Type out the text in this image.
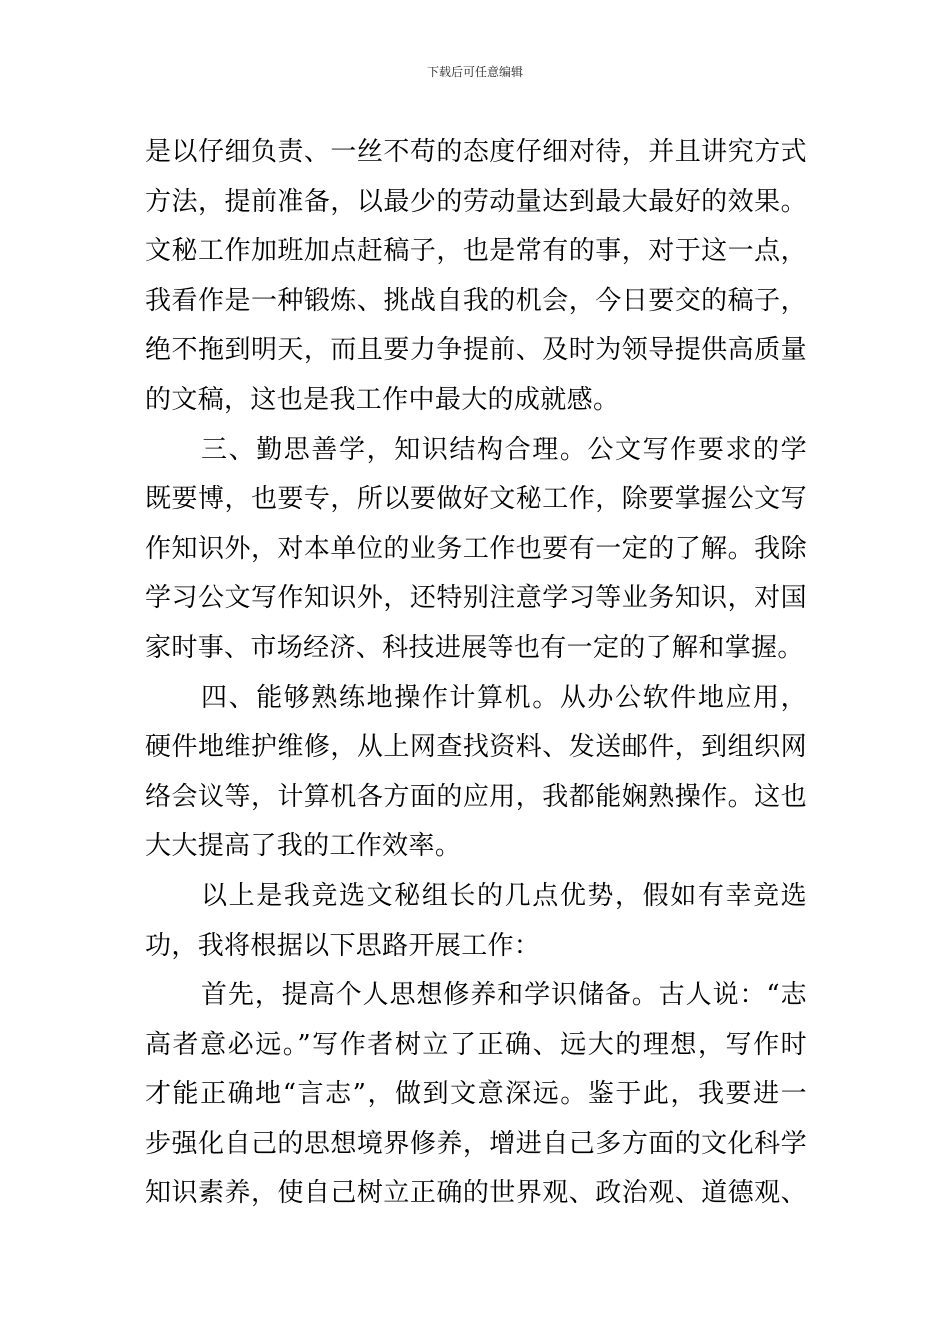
下载后可任意编辑
是以仔细负责、一丝不苟的态度仔细对待，并且讲究方式
方法，提前准备，以最少的劳动量达到最大最好的效果。
文秘工作加班加点赶稿子，也是常有的事，对于这一点，
我看作是一种锻炼、挑战自我的机会，今日要交的稿子，
绝不拖到明天，而且要力争提前、及时为领导提供高质量
的文稿，这也是我工作中最大的成就感。
三、勤思善学，知识结构合理。公文写作要求的学
既要博，也要专，所以要做好文秘工作，除要掌握公文写
作知识外，对本单位的业务工作也要有一定的了解。我除
学习公文写作知识外，还特别注意学习等业务知识，对国
家时事、市场经济、科技进展等也有一定的了解和掌握。
四、能够熟练地操作计算机。从办公软件地应用，
硬件地维护维修，从上网查找资料、发送邮件，到组织网
络会议等，计算机各方面的应用，我都能娴熟操作。这也
大大提高了我的工作效率。
以上是我竞选文秘组长的几点优势，假如有幸竞选
功，我将根据以下思路开展工作：
首先，提高个人思想修养和学识储备。古人说：“志
高者意必远。”写作者树立了正确、远大的理想，写作时
才能正确地“言志”，做到文意深远。鉴于此，我要进一
步强化自己的思想境界修养，增进自己多方面的文化科学
知识素养，使自己树立正确的世界观、政治观、道德观、
